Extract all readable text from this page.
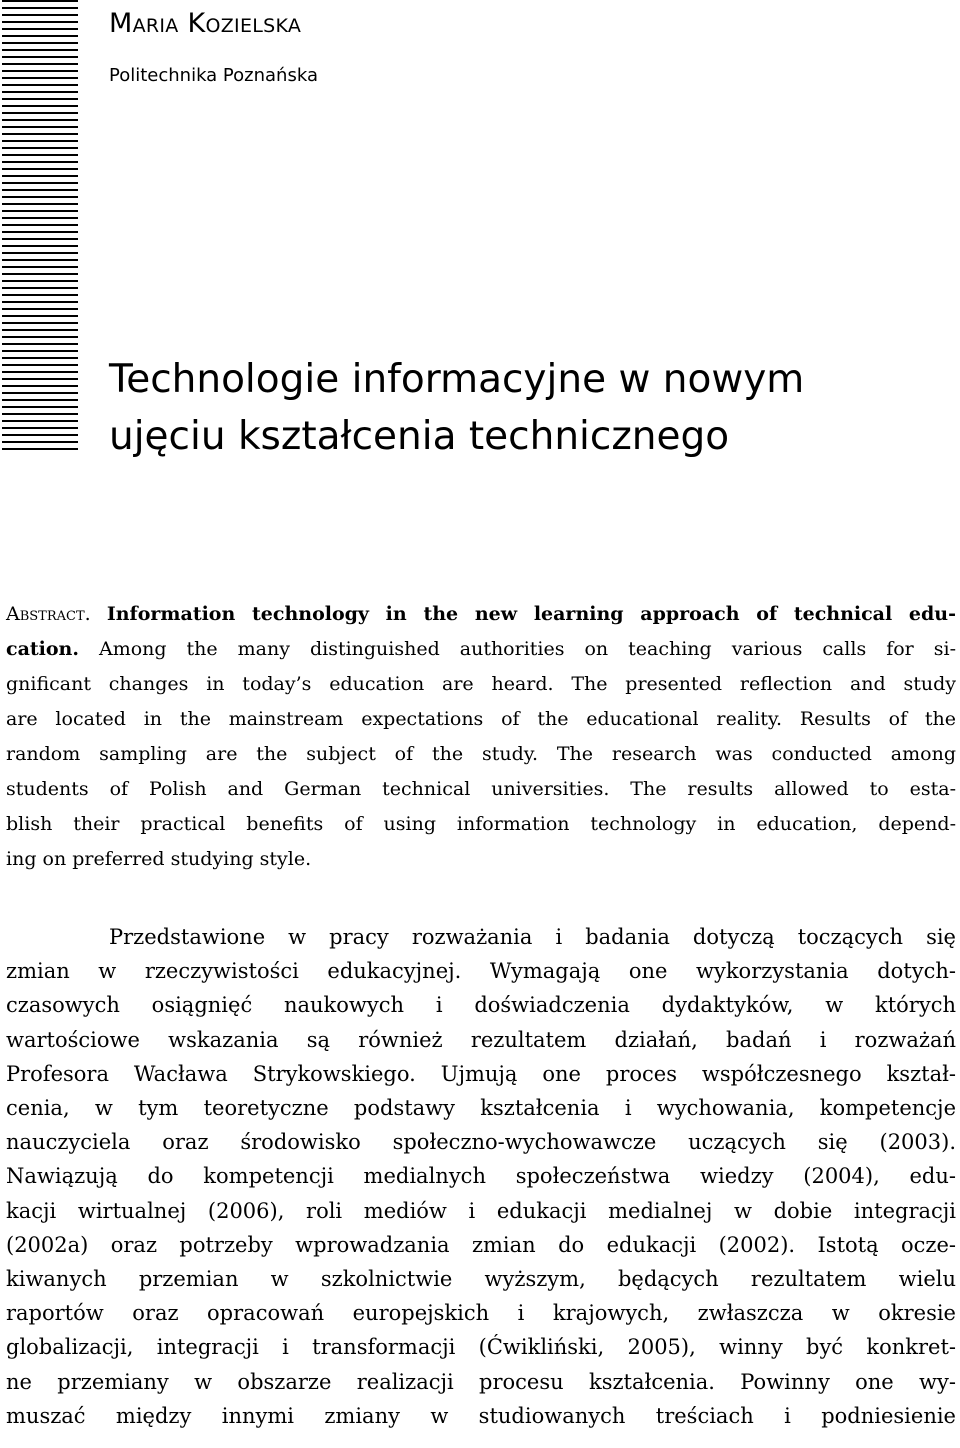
Maria Kozielska
Politechnika Poznańska
Technologie informacyjne w nowym
ujęciu kształcenia technicznego
Abstract. Information technology in the new learning approach of technical edu-
cation. Among the many distinguished authorities on teaching various calls for si-
gnificant changes in today’s education are heard. The presented reflection and study
are located in the mainstream expectations of the educational reality. Results of the
random sampling are the subject of the study. The research was conducted among
students of Polish and German technical universities. The results allowed to esta-
blish their practical benefits of using information technology in education, depend-
ing on preferred studying style.
Przedstawione w pracy rozważania i badania dotyczą toczących się
zmian w rzeczywistości edukacyjnej. Wymagają one wykorzystania dotych-
czasowych osiągnięć naukowych i doświadczenia dydaktyków, w których
wartościowe wskazania są również rezultatem działań, badań i rozważań
Profesora Wacława Strykowskiego. Ujmują one proces współczesnego kształ-
cenia, w tym teoretyczne podstawy kształcenia i wychowania, kompetencje
nauczyciela oraz środowisko społeczno-wychowawcze uczących się (2003).
Nawiązują do kompetencji medialnych społeczeństwa wiedzy (2004), edu-
kacji wirtualnej (2006), roli mediów i edukacji medialnej w dobie integracji
(2002a) oraz potrzeby wprowadzania zmian do edukacji (2002). Istotą ocze-
kiwanych przemian w szkolnictwie wyższym, będących rezultatem wielu
raportów oraz opracowań europejskich i krajowych, zwłaszcza w okresie
globalizacji, integracji i transformacji (Ćwikliński, 2005), winny być konkret-
ne przemiany w obszarze realizacji procesu kształcenia. Powinny one wy-
muszać między innymi zmiany w studiowanych treściach i podniesienie
